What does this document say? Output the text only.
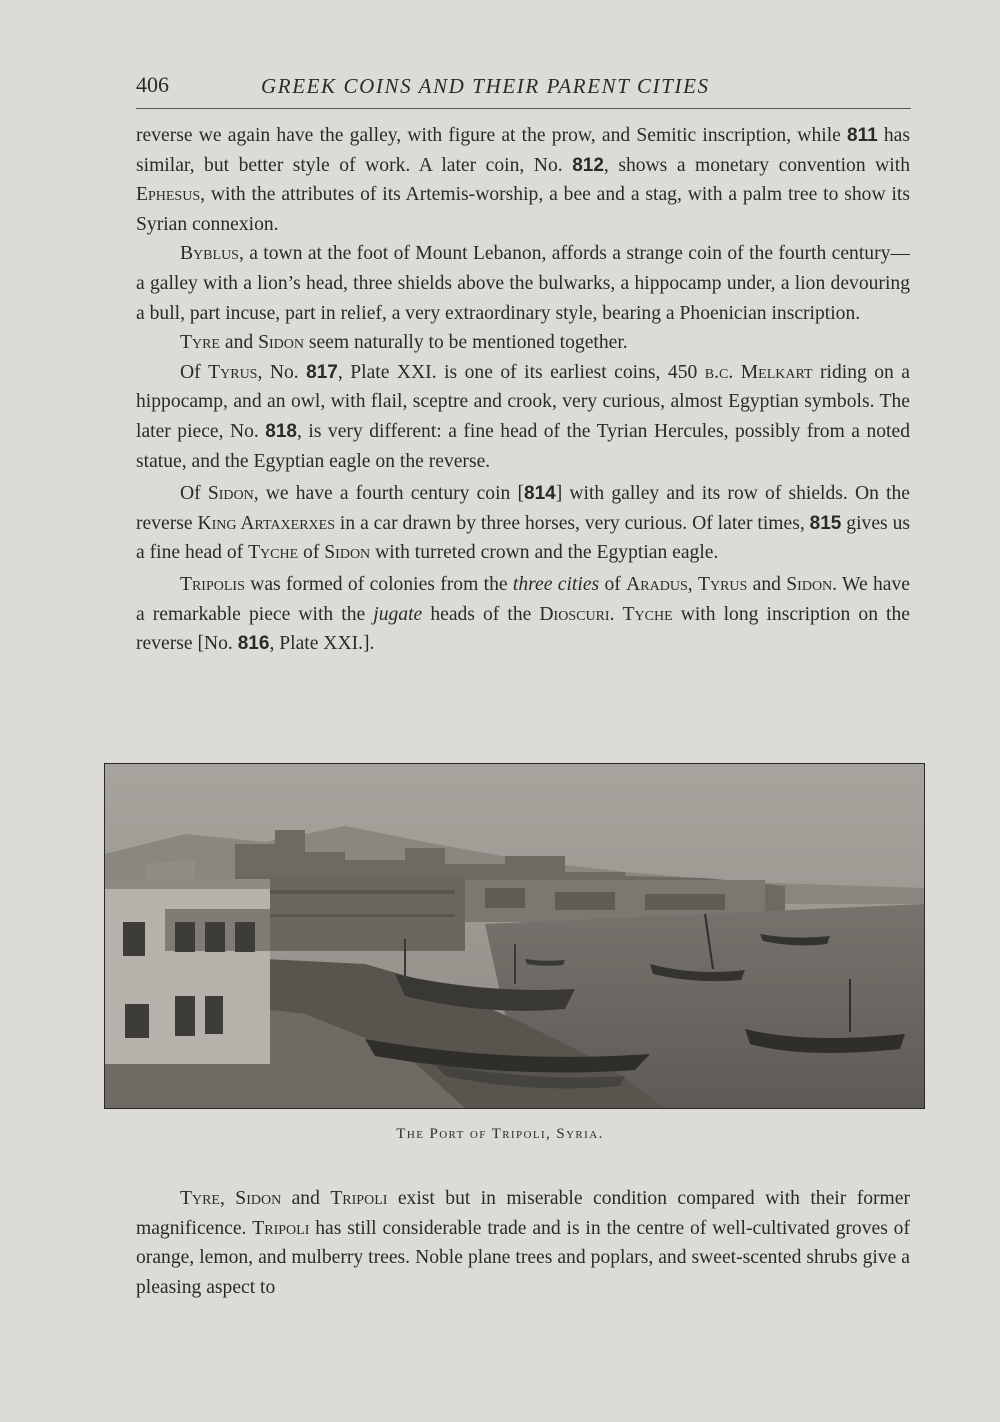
406	GREEK COINS AND THEIR PARENT CITIES

reverse we again have the galley, with figure at the prow, and Semitic inscription, while 811 has similar, but better style of work. A later coin, No. 812, shows a monetary convention with Ephesus, with the attributes of its Artemis-worship, a bee and a stag, with a palm tree to show its Syrian connexion.

Byblus, a town at the foot of Mount Lebanon, affords a strange coin of the fourth century—a galley with a lion’s head, three shields above the bulwarks, a hippocamp under, a lion devouring a bull, part incuse, part in relief, a very extraordinary style, bearing a Phoenician inscription.

Tyre and Sidon seem naturally to be mentioned together.

Of Tyrus, No. 817, Plate XXI. is one of its earliest coins, 450 b.c. Melkart riding on a hippocamp, and an owl, with flail, sceptre and crook, very curious, almost Egyptian symbols. The later piece, No. 818, is very different: a fine head of the Tyrian Hercules, possibly from a noted statue, and the Egyptian eagle on the reverse.

Of Sidon, we have a fourth century coin [814] with galley and its row of shields. On the reverse King Artaxerxes in a car drawn by three horses, very curious. Of later times, 815 gives us a fine head of Tyche of Sidon with turreted crown and the Egyptian eagle.

Tripolis was formed of colonies from the three cities of Aradus, Tyrus and Sidon. We have a remarkable piece with the jugate heads of the Dioscuri. Tyche with long inscription on the reverse [No. 816, Plate XXI.].

The Port of Tripoli, Syria.

Tyre, Sidon and Tripoli exist but in miserable condition compared with their former magnificence. Tripoli has still considerable trade and is in the centre of well-cultivated groves of orange, lemon, and mulberry trees. Noble plane trees and poplars, and sweet-scented shrubs give a pleasing aspect to
